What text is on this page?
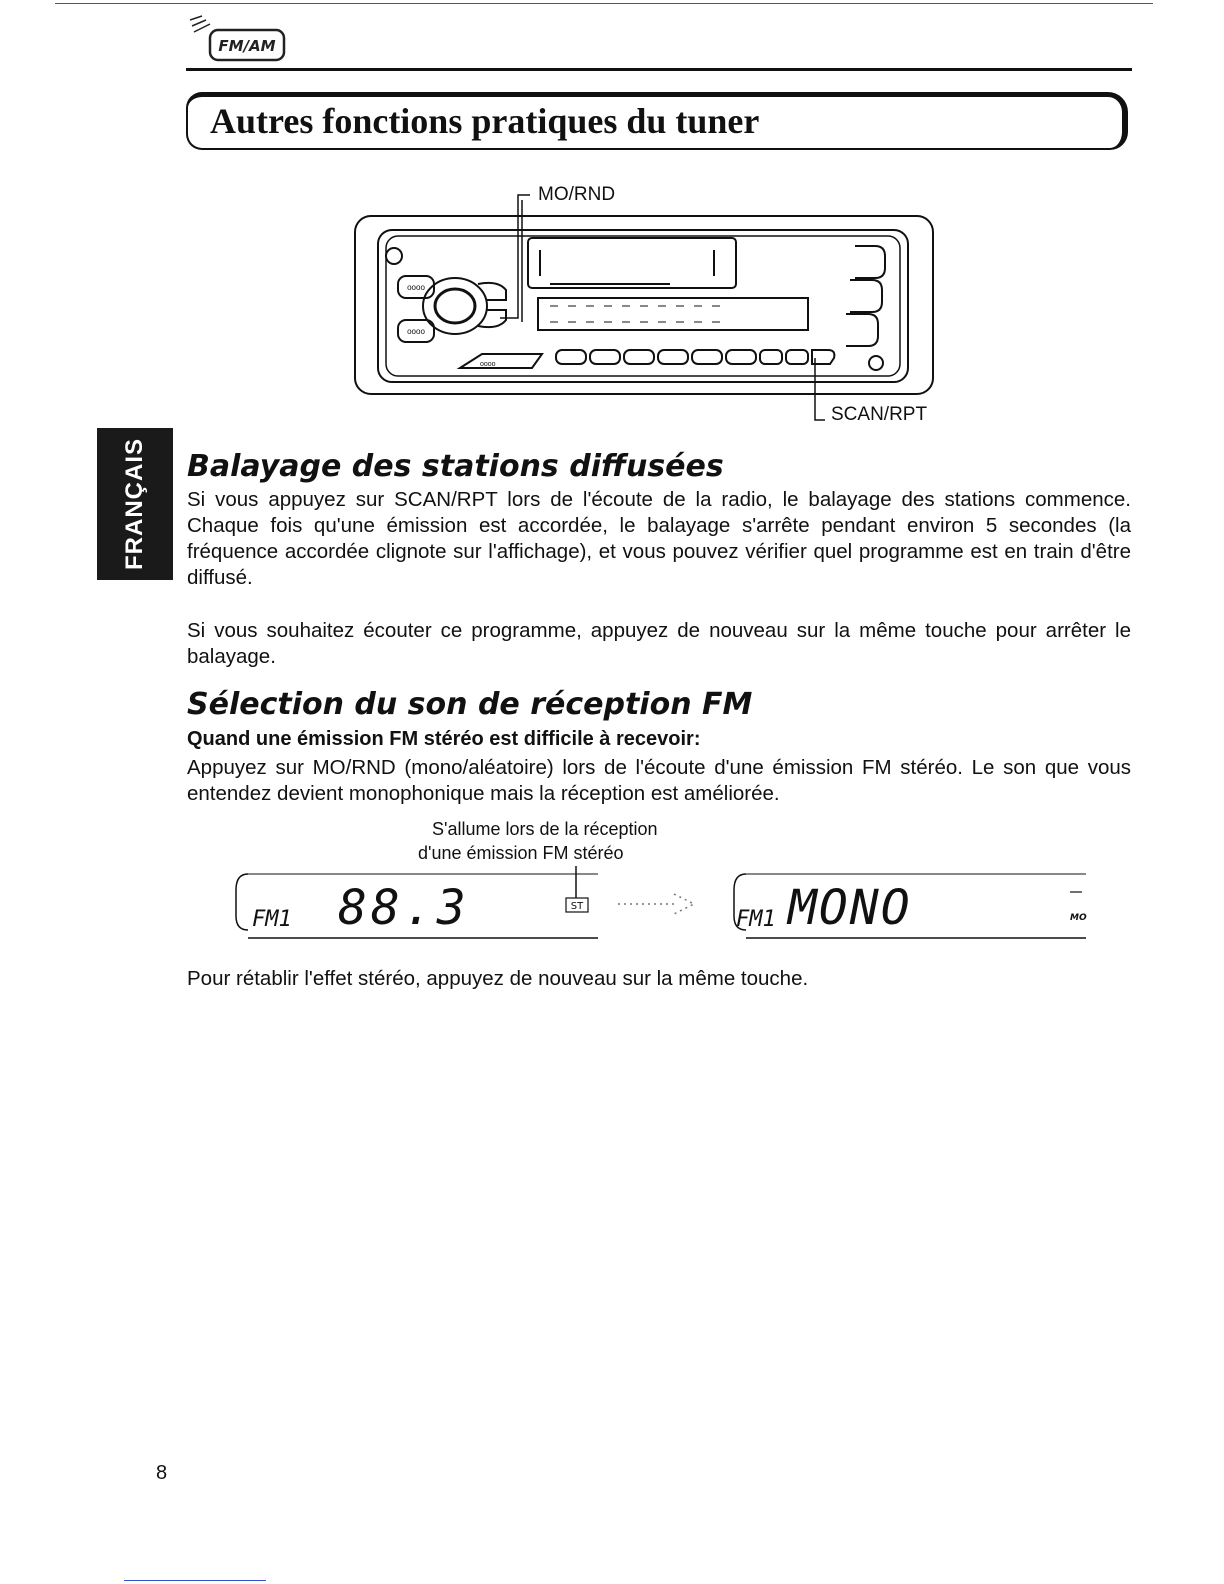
FM/AM
Autres fonctions pratiques du tuner
MO/RND
SCAN/RPT
oooo
oooo
oooo
FRANÇAIS Balayage des stations diffusées
Si vous appuyez sur SCAN/RPT lors de l'écoute de la radio, le balayage des stations commence. Chaque fois qu'une émission est accordée, le balayage s'arrête pendant environ 5 secondes (la fréquence accordée clignote sur l'affichage), et vous pouvez vérifier quel programme est en train d'être diffusé.
Si vous souhaitez écouter ce programme, appuyez de nouveau sur la même touche pour arrêter le balayage.
Sélection du son de réception FM
Quand une émission FM stéréo est difficile à recevoir:
Appuyez sur MO/RND (mono/aléatoire) lors de l'écoute d'une émission FM stéréo. Le son que vous entendez devient monophonique mais la réception est améliorée.
S'allume lors de la réception
d'une émission FM stéréo
FM1 88.3	ST
FM1 MONO	MO
Pour rétablir l'effet stéréo, appuyez de nouveau sur la même touche.
8
